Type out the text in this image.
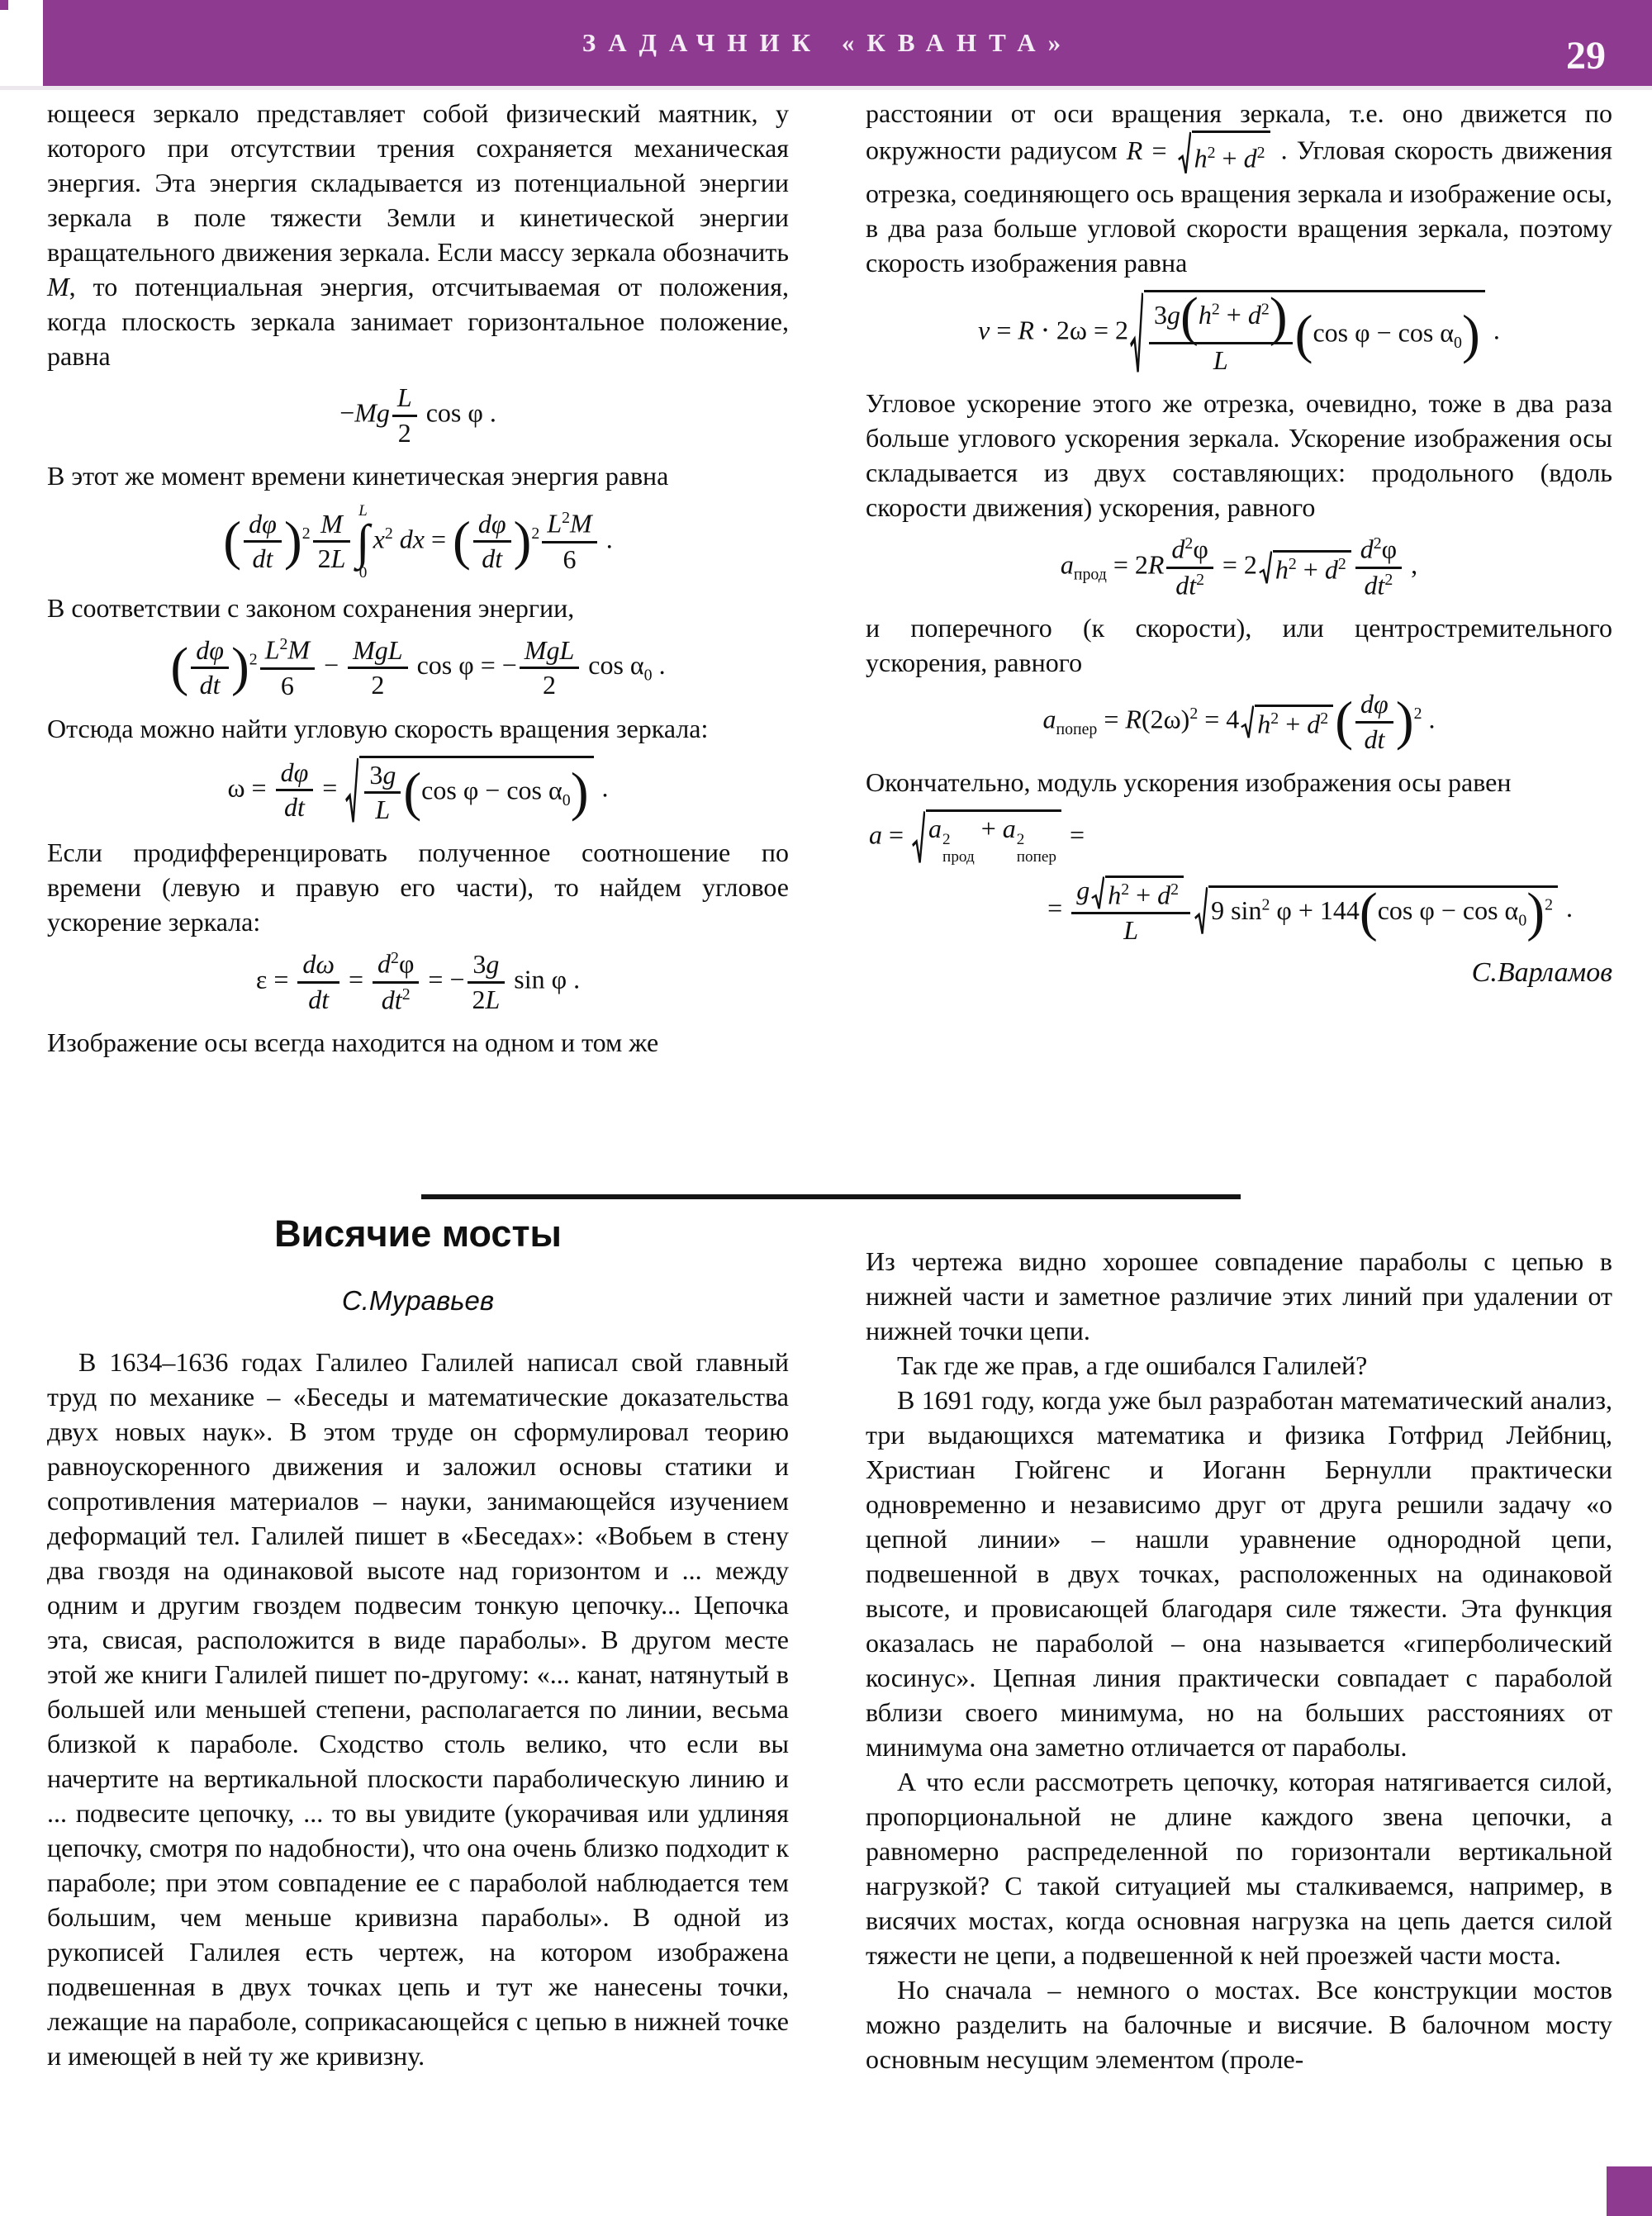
ЗАДАЧНИК «КВАНТА»	29

ющееся зеркало представляет собой физический маятник, у которого при отсутствии трения сохраняется механическая энергия. Эта энергия складывается из потенциальной энергии зеркала в поле тяжести Земли и кинетической энергии вращательного движения зеркала. Если массу зеркала обозначить M, то потенциальная энергия, отсчитываемая от положения, когда плоскость зеркала занимает горизонтальное положение, равна

$-Mg \frac{L}{2}$ cos φ .

В этот же момент времени кинетическая энергия равна

( $\frac{d\varphi}{dt} )^2 \frac{M}{2L}$ L
∫
0
$x^2$ dx = ( $\frac{d\varphi}{dt} )^2 \frac{L^2M}{6}$ .

В соответствии с законом сохранения энергии,

( $\frac{d\varphi}{dt} )^2 \frac{L^2M}{6} - \frac{\text{MgL}}{2}$ cos φ = − $\frac{\text{MgL}}{2}$ $\cos \alpha_0$ .

Отсюда можно найти угловую скорость вращения зеркала:

$\omega = \frac{d\varphi}{dt} = \frac{3g}{L} (\cos$ $\varphi - \cos \alpha_0$) .

Если продифференцировать полученное соотношение по времени (левую и правую его части), то найдем угловое ускорение зеркала:

$\varepsilon = \frac{d\omega}{dt} = \frac{d^2\varphi}{dt^2}$ = − $\frac{3g}{2L}$ sin φ .

Изображение осы всегда находится на одном и том же

расстоянии от оси вращения зеркала, т.е. оно движется по окружности радиусом R =
$h^2 + d^2$ . Угловая скорость движения отрезка, соединяющего ось вращения зеркала и изображение осы, в два раза больше угловой скорости вращения зеркала, поэтому скорость изображения равна

$v = R \cdot 2\omega = 2 \frac{3g(h^2 + d^2)}{L} (\cos$ $\varphi - \cos \alpha_0$) .

Угловое ускорение этого же отрезка, очевидно, тоже в два раза больше углового ускорения зеркала. Ускорение изображения осы складывается из двух составляющих: продольного (вдоль скорости движения) ускорения, равного

$a_{прод} = 2R \frac{d^2\varphi}{dt^2} = 2$ $h^2 + d^2 \frac{d^2\varphi}{dt^2}$ ,

и поперечного (к скорости), или центростремительного ускорения, равного

$a_{попер} = R(2\omega)^2 = 4$ $h^2 + d^2$ ( $\frac{d\varphi}{dt} )^2$ .

Окончательно, модуль ускорения изображения осы равен

a =
a 2
прод
+ a 2
попер
=
= $\frac{g h^2 + d^2}{L} 9$ $\sin^2 \varphi + 144(\cos$ $\varphi - \cos \alpha_0)^2$ .

С.Варламов

Висячие мосты
С.Муравьев

В 1634–1636 годах Галилео Галилей написал свой главный труд по механике – «Беседы и математические доказательства двух новых наук». В этом труде он сформулировал теорию равноускоренного движения и заложил основы статики и сопротивления материалов – науки, занимающейся изучением деформаций тел. Галилей пишет в «Беседах»: «Вобьем в стену два гвоздя на одинаковой высоте над горизонтом и ... между одним и другим гвоздем подвесим тонкую цепочку... Цепочка эта, свисая, расположится в виде параболы». В другом месте этой же книги Галилей пишет по-другому: «... канат, натянутый в большей или меньшей степени, располагается по линии, весьма близкой к параболе. Сходство столь велико, что если вы начертите на вертикальной плоскости параболическую линию и ... подвесите цепочку, ... то вы увидите (укорачивая или удлиняя цепочку, смотря по надобности), что она очень близко подходит к параболе; при этом совпадение ее с параболой наблюдается тем большим, чем меньше кривизна параболы». В одной из рукописей Галилея есть чертеж, на котором изображена подвешенная в двух точках цепь и тут же нанесены точки, лежащие на параболе, соприкасающейся с цепью в нижней точке и имеющей в ней ту же кривизну.

Из чертежа видно хорошее совпадение параболы с цепью в нижней части и заметное различие этих линий при удалении от нижней точки цепи.

Так где же прав, а где ошибался Галилей?

В 1691 году, когда уже был разработан математический анализ, три выдающихся математика и физика Готфрид Лейбниц, Христиан Гюйгенс и Иоганн Бернулли практически одновременно и независимо друг от друга решили задачу «о цепной линии» – нашли уравнение однородной цепи, подвешенной в двух точках, расположенных на одинаковой высоте, и провисающей благодаря силе тяжести. Эта функция оказалась не параболой – она называется «гиперболический косинус». Цепная линия практически совпадает с параболой вблизи своего минимума, но на больших расстояниях от минимума она заметно отличается от параболы.

А что если рассмотреть цепочку, которая натягивается силой, пропорциональной не длине каждого звена цепочки, а равномерно распределенной по горизонтали вертикальной нагрузкой? С такой ситуацией мы сталкиваемся, например, в висячих мостах, когда основная нагрузка на цепь дается силой тяжести не цепи, а подвешенной к ней проезжей части моста.

Но сначала – немного о мостах. Все конструкции мостов можно разделить на балочные и висячие. В балочном мосту основным несущим элементом (проле-
